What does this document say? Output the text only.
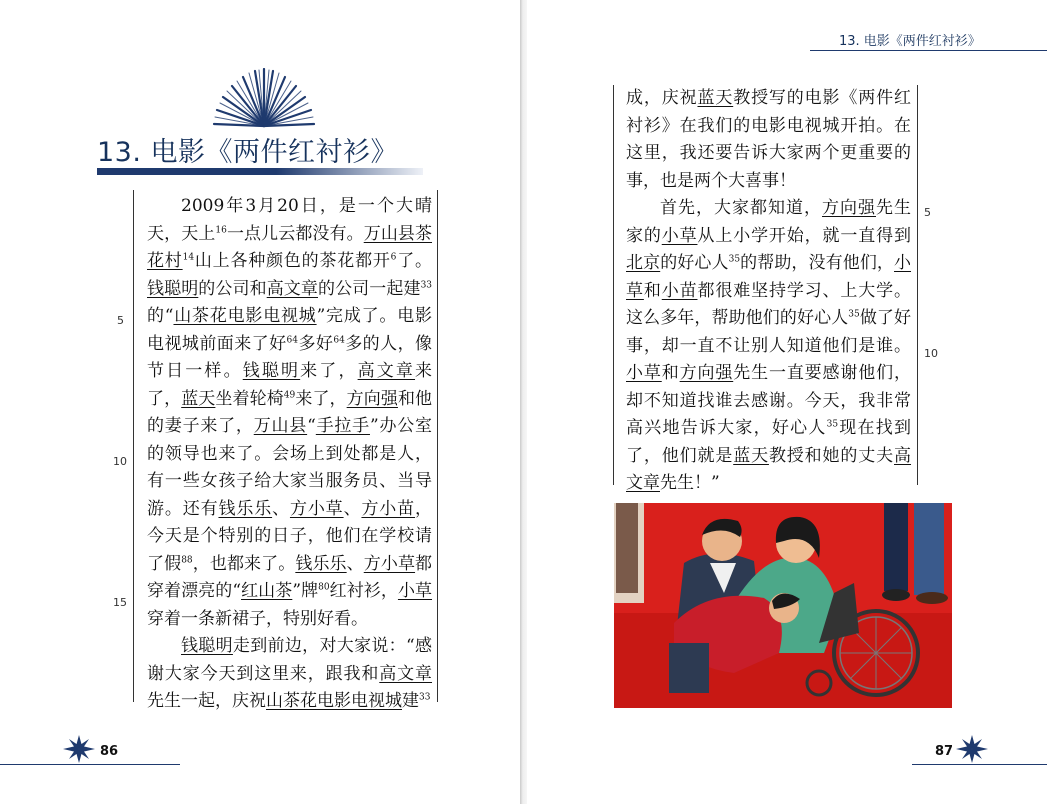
13. 电影《两件红衬衫》
5
10
15

2009年3月20日，是一个大晴天，天上$^{16}$一点儿云都没有。万山县茶花村$^{14}$山上各种颜色的茶花都开$^6$了。钱聪明的公司和高文章的公司一起建$^{33}$的“山茶花电影电视城”完成了。电影电视城前面来了好$^{64}$多好$^{64}$多的人，像节日一样。钱聪明来了，高文章来了，蓝天坐着轮椅$^{49}$来了，方向强和他的妻子来了，万山县“手拉手”办公室的领导也来了。会场上到处都是人，有一些女孩子给大家当服务员、当导游。还有钱乐乐、方小草、方小苗，今天是个特别的日子，他们在学校请了假$^{88}$，也都来了。钱乐乐、方小草都穿着漂亮的“红山茶”牌$^{80}$红衬衫，小草穿着一条新裙子，特别好看。

钱聪明走到前边，对大家说：“感谢大家今天到这里来，跟我和高文章先生一起，庆祝山茶花电影电视城建$^{33}$

86
13. 电影《两件红衬衫》
5
10

成，庆祝蓝天教授写的电影《两件红衬衫》在我们的电影电视城开拍。在这里，我还要告诉大家两个更重要的事，也是两个大喜事！

首先，大家都知道，方向强先生家的小草从上小学开始，就一直得到北京的好心人$^{35}$的帮助，没有他们，小草和小苗都很难坚持学习、上大学。这么多年，帮助他们的好心人$^{35}$做了好事，却一直不让别人知道他们是谁。小草和方向强先生一直要感谢他们，却不知道找谁去感谢。今天，我非常高兴地告诉大家，好心人$^{35}$现在找到了，他们就是蓝天教授和她的丈夫高文章先生！”

87
